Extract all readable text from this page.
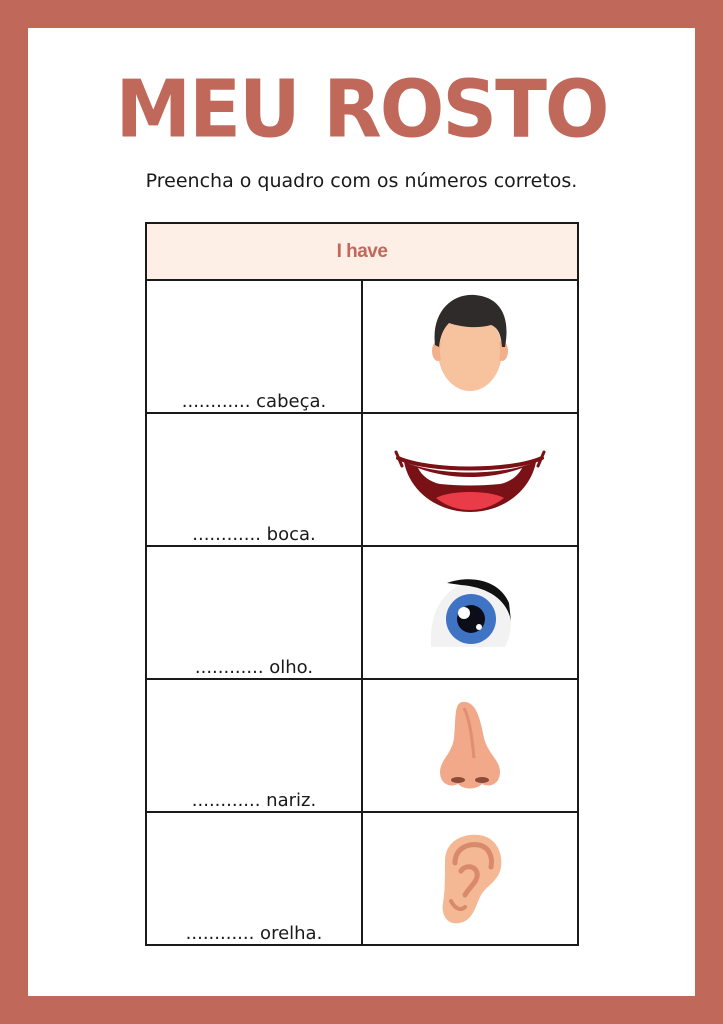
MEU ROSTO
Preencha o quadro com os números corretos.
I have	
............ cabeça.	

............ boca.	

............ olho.	

............ nariz.	

............ orelha.	
